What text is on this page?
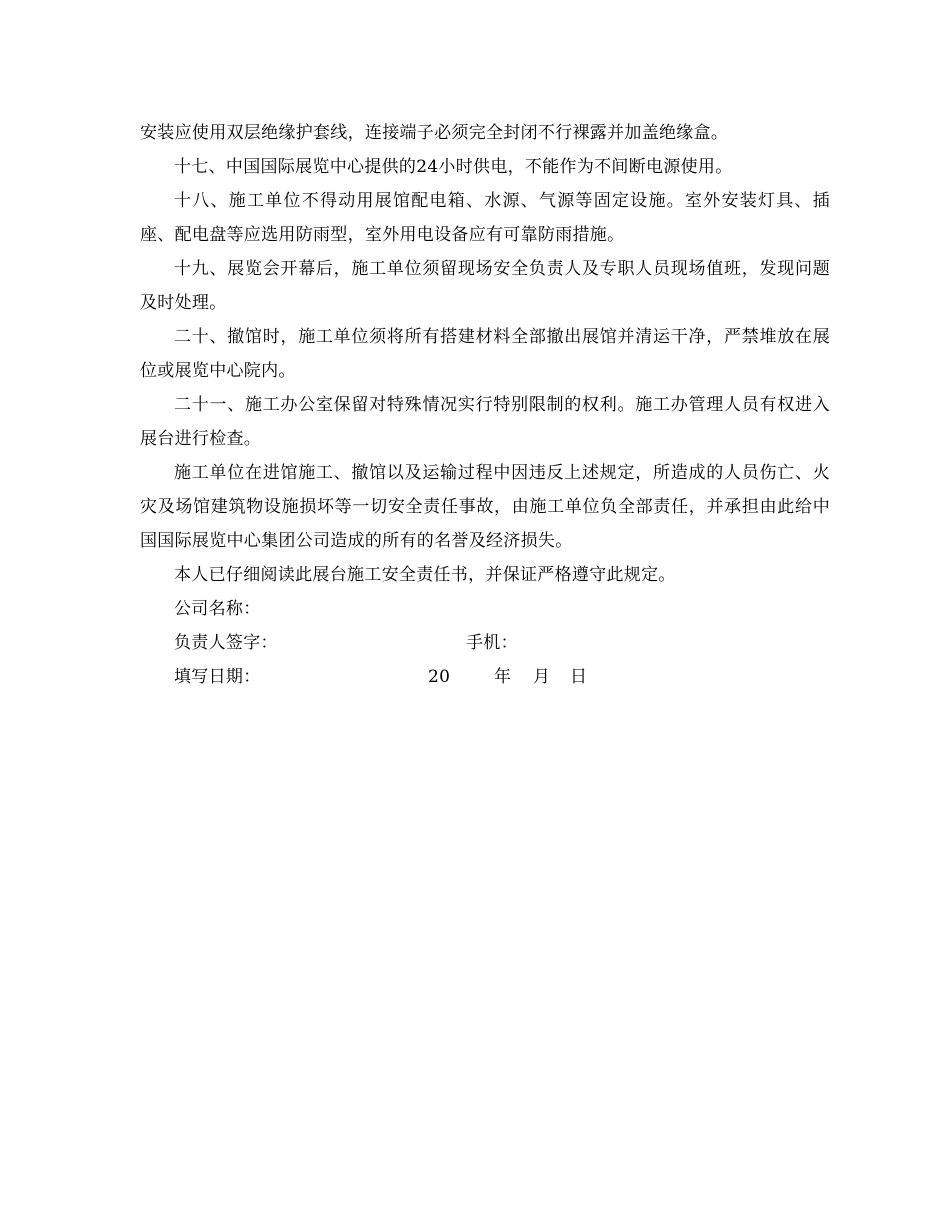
安装应使用双层绝缘护套线，连接端子必须完全封闭不行裸露并加盖绝缘盒。

十七、中国国际展览中心提供的24小时供电，不能作为不间断电源使用。

十八、施工单位不得动用展馆配电箱、水源、气源等固定设施。室外安装灯具、插座、配电盘等应选用防雨型，室外用电设备应有可靠防雨措施。

十九、展览会开幕后，施工单位须留现场安全负责人及专职人员现场值班，发现问题及时处理。

二十、撤馆时，施工单位须将所有搭建材料全部撤出展馆并清运干净，严禁堆放在展位或展览中心院内。

二十一、施工办公室保留对特殊情况实行特别限制的权利。施工办管理人员有权进入展台进行检查。

施工单位在进馆施工、撤馆以及运输过程中因违反上述规定，所造成的人员伤亡、火灾及场馆建筑物设施损坏等一切安全责任事故，由施工单位负全部责任，并承担由此给中国国际展览中心集团公司造成的所有的名誉及经济损失。

本人已仔细阅读此展台施工安全责任书，并保证严格遵守此规定。

公司名称：
负责人签字：	手机：
填写日期：	20	年 月 日
